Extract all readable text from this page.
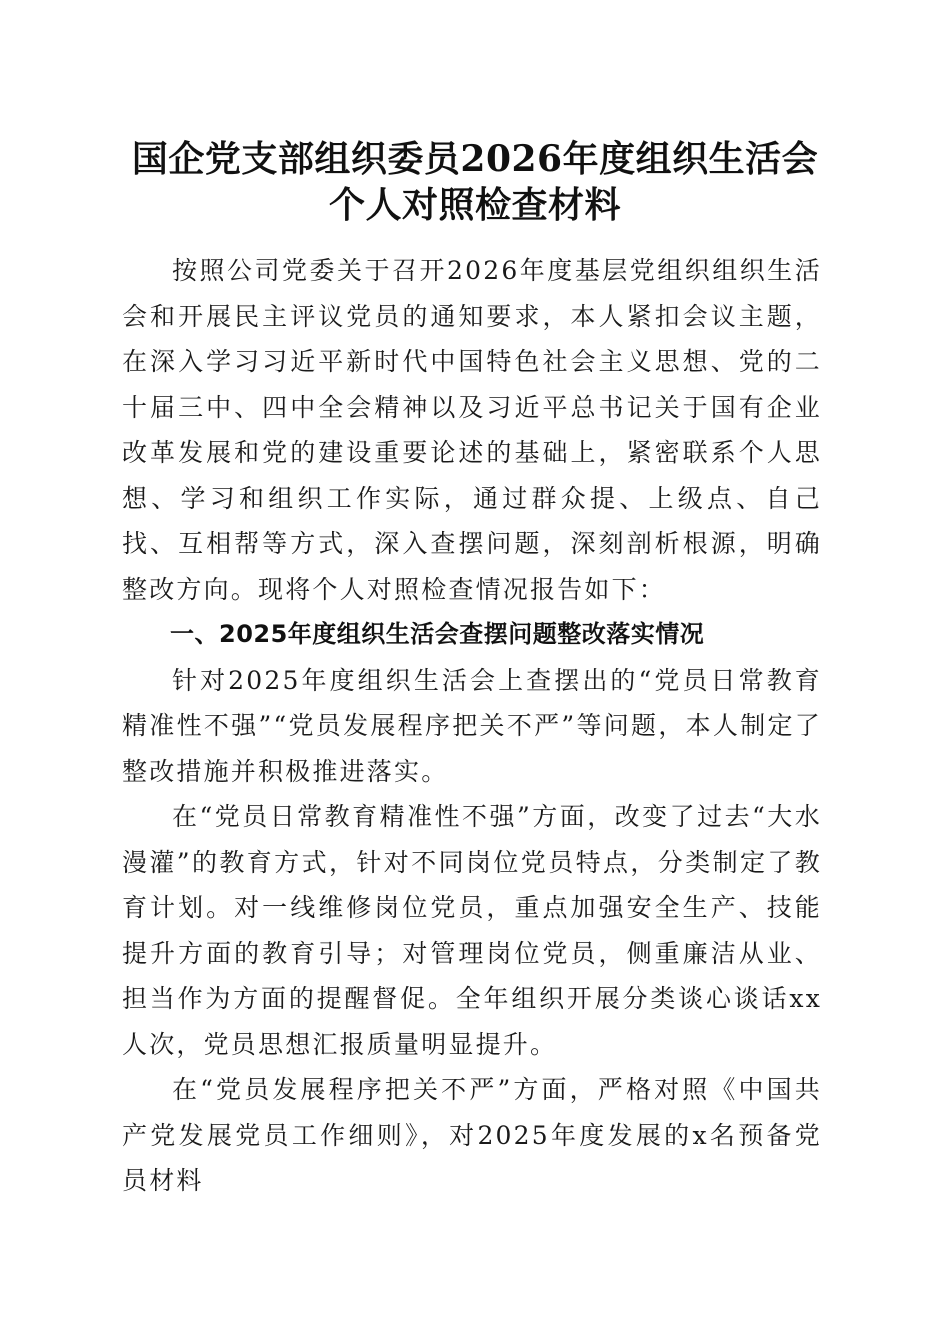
国企党支部组织委员2026年度组织生活会个人对照检查材料

按照公司党委关于召开2026年度基层党组织组织生活会和开展民主评议党员的通知要求，本人紧扣会议主题，在深入学习习近平新时代中国特色社会主义思想、党的二十届三中、四中全会精神以及习近平总书记关于国有企业改革发展和党的建设重要论述的基础上，紧密联系个人思想、学习和组织工作实际，通过群众提、上级点、自己找、互相帮等方式，深入查摆问题，深刻剖析根源，明确整改方向。现将个人对照检查情况报告如下：

一、2025年度组织生活会查摆问题整改落实情况

针对2025年度组织生活会上查摆出的“党员日常教育精准性不强”“党员发展程序把关不严”等问题，本人制定了整改措施并积极推进落实。

在“党员日常教育精准性不强”方面，改变了过去“大水漫灌”的教育方式，针对不同岗位党员特点，分类制定了教育计划。对一线维修岗位党员，重点加强安全生产、技能提升方面的教育引导；对管理岗位党员，侧重廉洁从业、担当作为方面的提醒督促。全年组织开展分类谈心谈话xx人次，党员思想汇报质量明显提升。

在“党员发展程序把关不严”方面，严格对照《中国共产党发展党员工作细则》，对2025年度发展的x名预备党员材料
